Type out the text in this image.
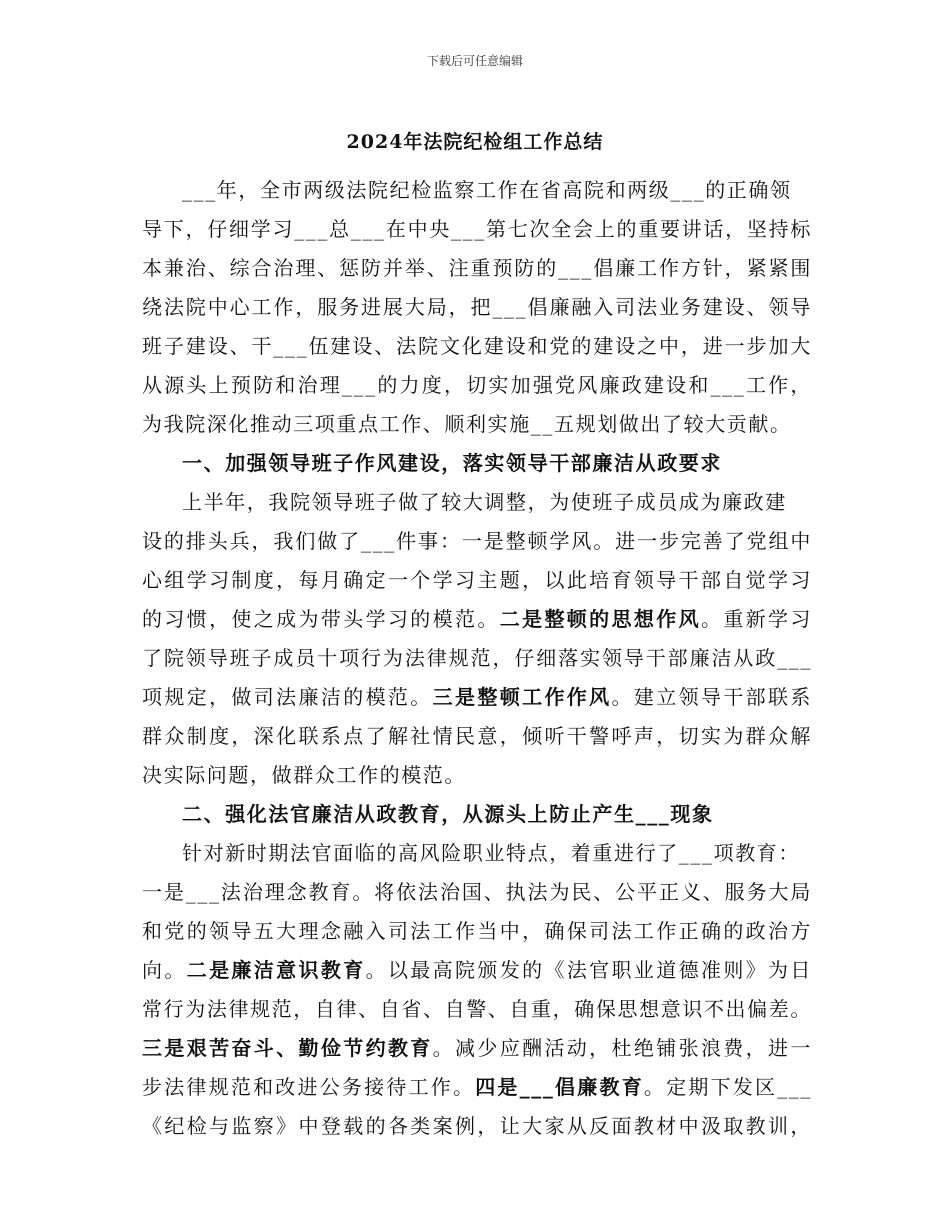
下载后可任意编辑
2024年法院纪检组工作总结
___年，全市两级法院纪检监察工作在省高院和两级___的正确领
导下，仔细学习___总___在中央___第七次全会上的重要讲话，坚持标
本兼治、综合治理、惩防并举、注重预防的___倡廉工作方针，紧紧围
绕法院中心工作，服务进展大局，把___倡廉融入司法业务建设、领导
班子建设、干___伍建设、法院文化建设和党的建设之中，进一步加大
从源头上预防和治理___的力度，切实加强党风廉政建设和___工作，
为我院深化推动三项重点工作、顺利实施__五规划做出了较大贡献。
一、加强领导班子作风建设，落实领导干部廉洁从政要求
上半年，我院领导班子做了较大调整，为使班子成员成为廉政建
设的排头兵，我们做了___件事：一是整顿学风。进一步完善了党组中
心组学习制度，每月确定一个学习主题，以此培育领导干部自觉学习
的习惯，使之成为带头学习的模范。二是整顿的思想作风。重新学习
了院领导班子成员十项行为法律规范，仔细落实领导干部廉洁从政___
项规定，做司法廉洁的模范。三是整顿工作作风。建立领导干部联系
群众制度，深化联系点了解社情民意，倾听干警呼声，切实为群众解
决实际问题，做群众工作的模范。
二、强化法官廉洁从政教育，从源头上防止产生___现象
针对新时期法官面临的高风险职业特点，着重进行了___项教育：
一是___法治理念教育。将依法治国、执法为民、公平正义、服务大局
和党的领导五大理念融入司法工作当中，确保司法工作正确的政治方
向。二是廉洁意识教育。以最高院颁发的《法官职业道德准则》为日
常行为法律规范，自律、自省、自警、自重，确保思想意识不出偏差。
三是艰苦奋斗、勤俭节约教育。减少应酬活动，杜绝铺张浪费，进一
步法律规范和改进公务接待工作。四是___倡廉教育。定期下发区___
《纪检与监察》中登载的各类案例，让大家从反面教材中汲取教训，
